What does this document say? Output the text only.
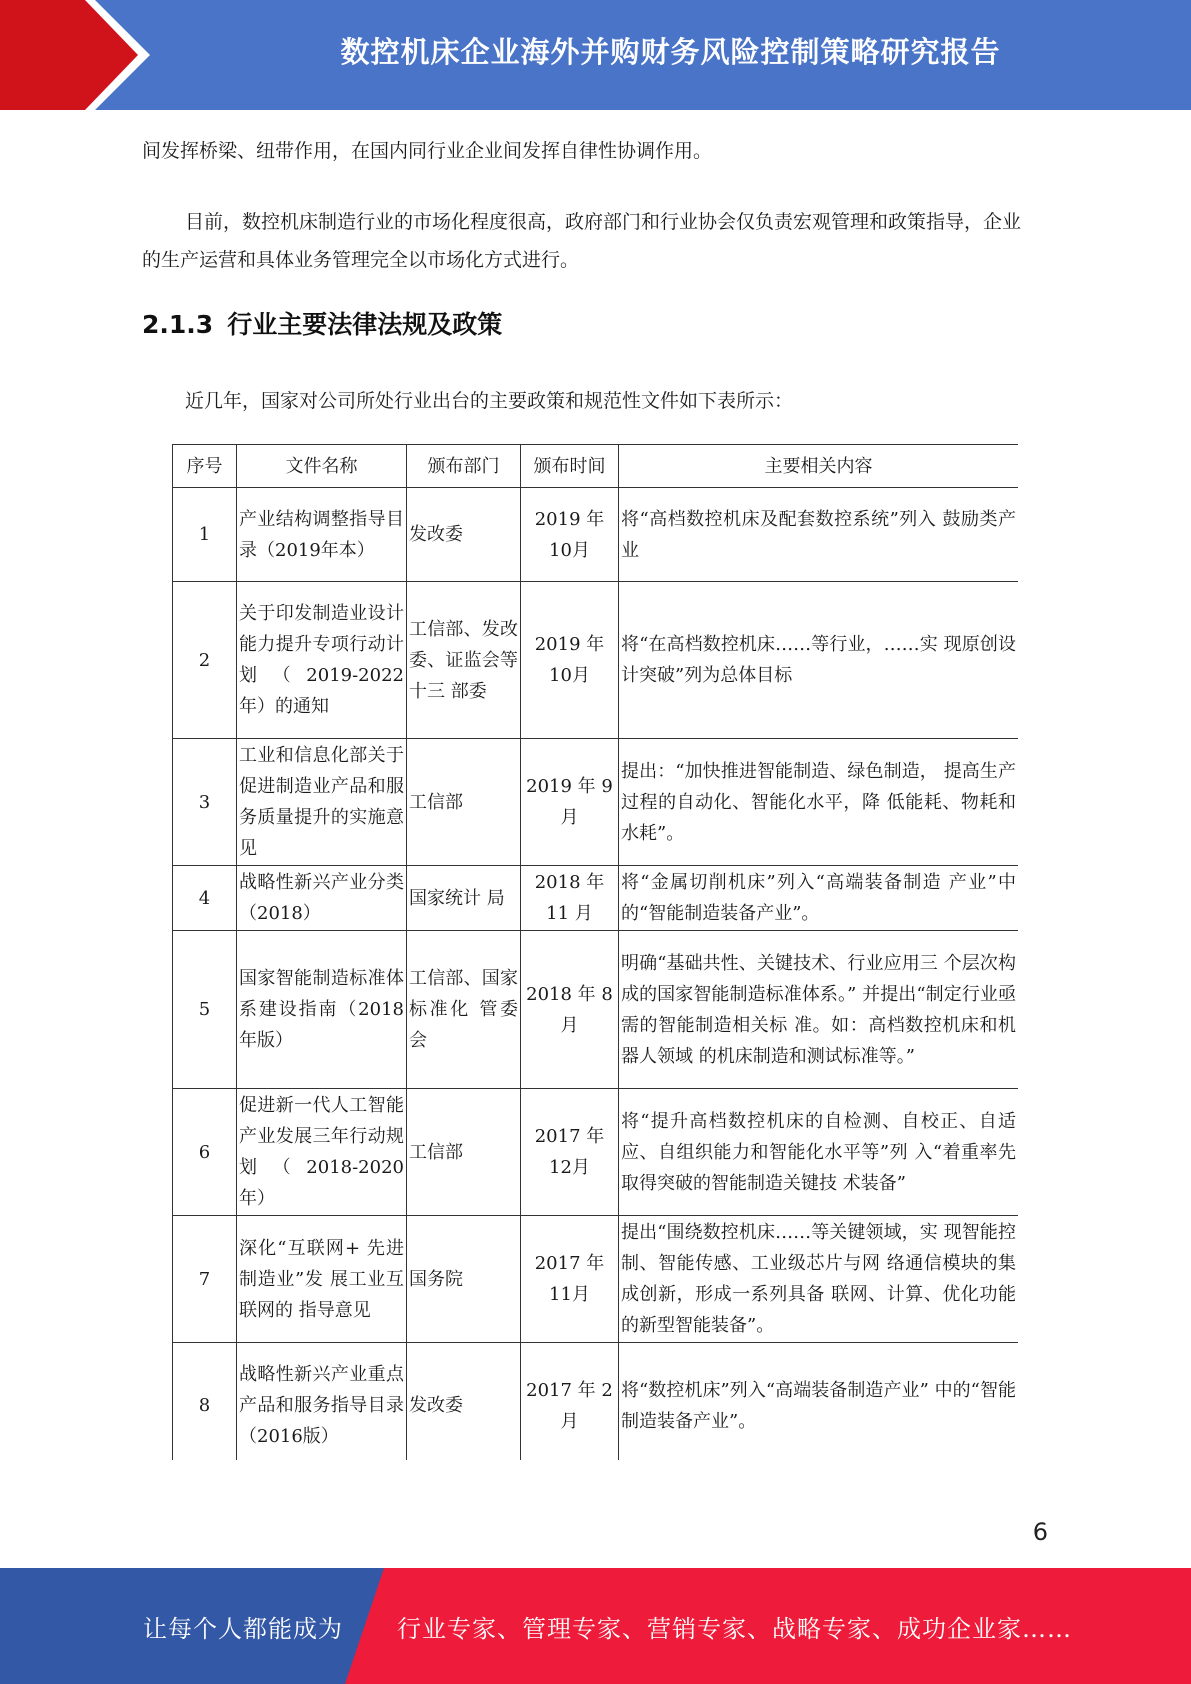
数控机床企业海外并购财务风险控制策略研究报告
间发挥桥梁、纽带作用，在国内同行业企业间发挥自律性协调作用。
目前，数控机床制造行业的市场化程度很高，政府部门和行业协会仅负责宏观管理和政策指导，企业的生产运营和具体业务管理完全以市场化方式进行。
2.1.3 行业主要法律法规及政策
近几年，国家对公司所处行业出台的主要政策和规范性文件如下表所示：
序号	文件名称	颁布部门	颁布时间	主要相关内容
1	产业结构调整指导目录（2019年本）	发改委	2019 年 10月	将“高档数控机床及配套数控系统”列入 鼓励类产业
2	关于印发制造业设计能力提升专项行动计划（2019-2022 年）的通知	工信部、发改委、证监会等十三 部委	2019 年 10月	将“在高档数控机床……等行业，……实 现原创设计突破”列为总体目标
3	工业和信息化部关于促进制造业产品和服务质量提升的实施意见	工信部	2019 年 9 月	提出：“加快推进智能制造、绿色制造， 提高生产过程的自动化、智能化水平，降 低能耗、物耗和水耗”。
4	战略性新兴产业分类（2018）	国家统计 局	2018 年 11 月	将“金属切削机床”列入“高端装备制造 产业”中的“智能制造装备产业”。
5	国家智能制造标准体系建设指南（2018 年版）	工信部、国家标准化 管委会	2018 年 8 月	明确“基础共性、关键技术、行业应用三 个层次构成的国家智能制造标准体系。” 并提出“制定行业亟需的智能制造相关标 准。如：高档数控机床和机器人领域 的机床制造和测试标准等。”
6	促进新一代人工智能产业发展三年行动规划（2018-2020 年）	工信部	2017 年 12月	将“提升高档数控机床的自检测、自校正、自适应、自组织能力和智能化水平等”列 入“着重率先取得突破的智能制造关键技 术装备”
7	深化“互联网+ 先进制造业”发 展工业互联网的 指导意见	国务院	2017 年 11月	提出“围绕数控机床……等关键领域，实 现智能控制、智能传感、工业级芯片与网 络通信模块的集成创新，形成一系列具备 联网、计算、优化功能的新型智能装备”。
8	战略性新兴产业重点产品和服务指导目录（2016版）	发改委	2017 年 2 月	将“数控机床”列入“高端装备制造产业” 中的“智能制造装备产业”。
6
让每个人都能成为 行业专家、管理专家、营销专家、战略专家、成功企业家……
